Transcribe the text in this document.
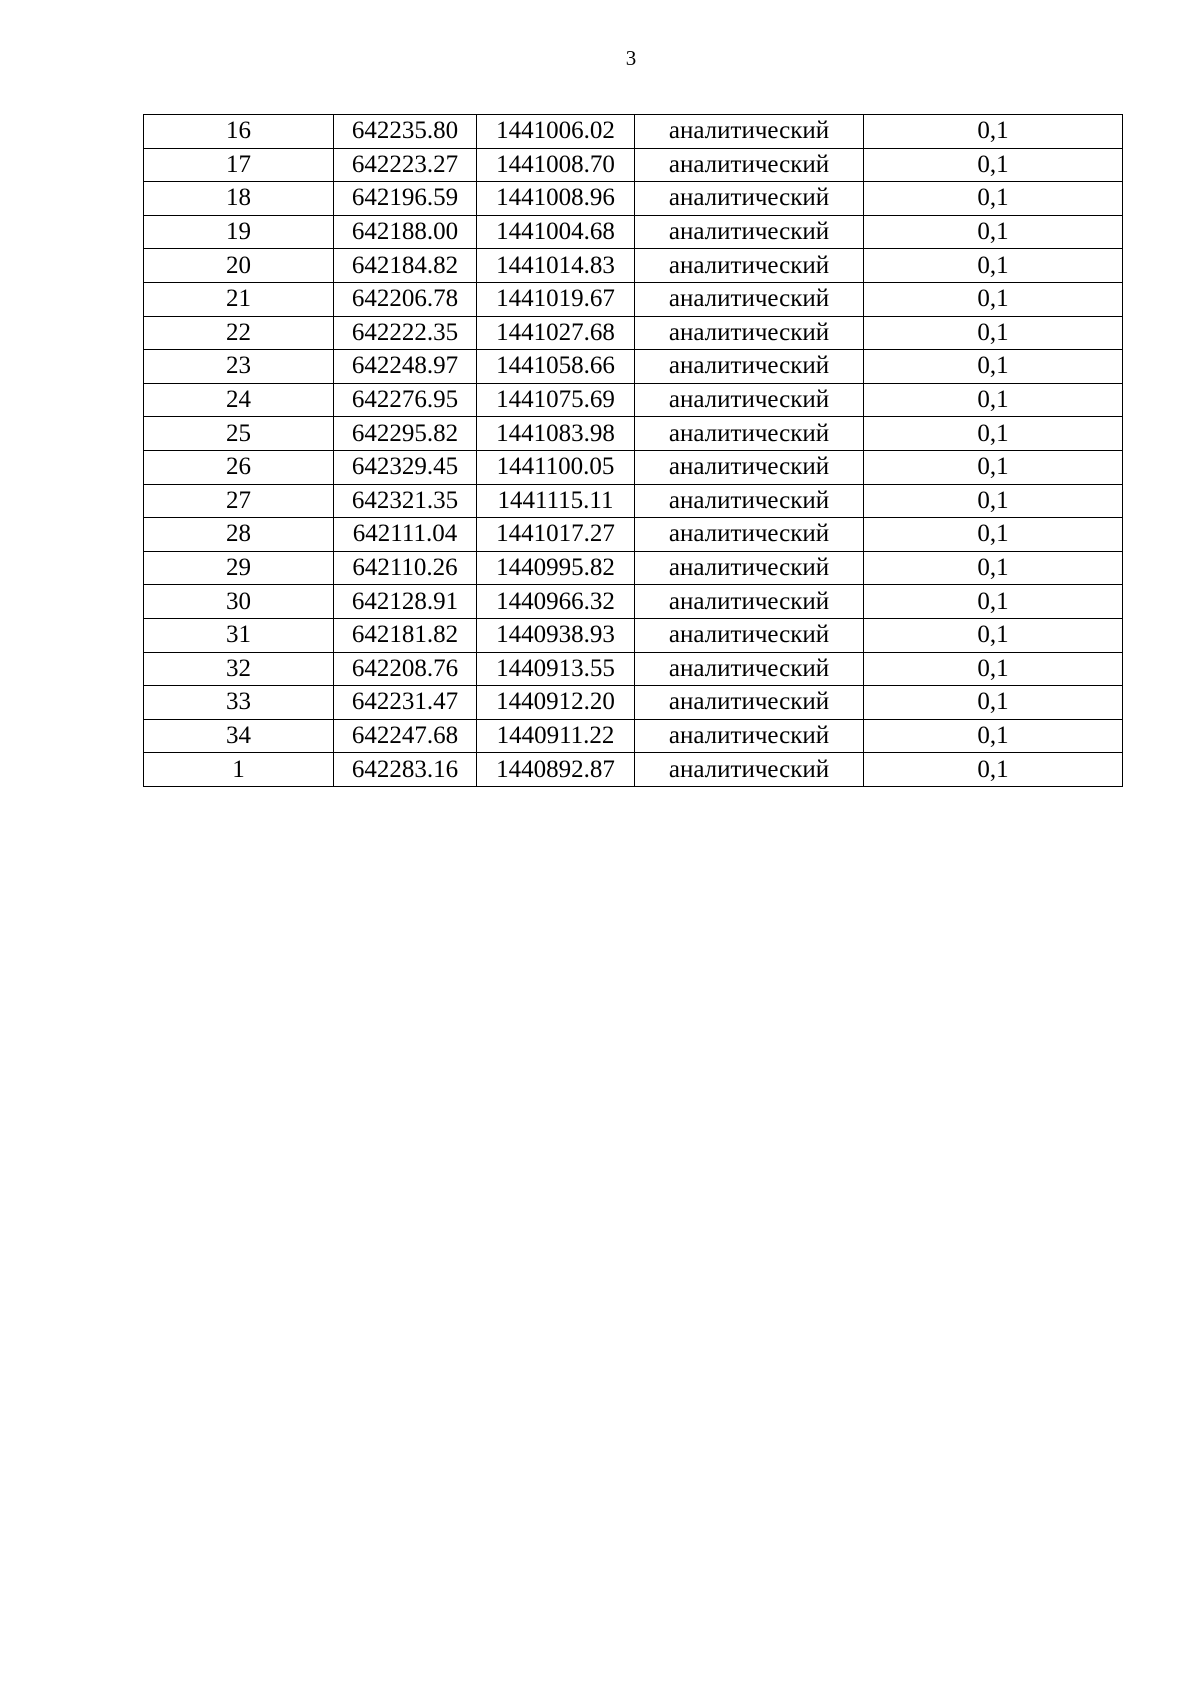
3
16	642235.80	1441006.02	аналитический	0,1
17	642223.27	1441008.70	аналитический	0,1
18	642196.59	1441008.96	аналитический	0,1
19	642188.00	1441004.68	аналитический	0,1
20	642184.82	1441014.83	аналитический	0,1
21	642206.78	1441019.67	аналитический	0,1
22	642222.35	1441027.68	аналитический	0,1
23	642248.97	1441058.66	аналитический	0,1
24	642276.95	1441075.69	аналитический	0,1
25	642295.82	1441083.98	аналитический	0,1
26	642329.45	1441100.05	аналитический	0,1
27	642321.35	1441115.11	аналитический	0,1
28	642111.04	1441017.27	аналитический	0,1
29	642110.26	1440995.82	аналитический	0,1
30	642128.91	1440966.32	аналитический	0,1
31	642181.82	1440938.93	аналитический	0,1
32	642208.76	1440913.55	аналитический	0,1
33	642231.47	1440912.20	аналитический	0,1
34	642247.68	1440911.22	аналитический	0,1
1	642283.16	1440892.87	аналитический	0,1
